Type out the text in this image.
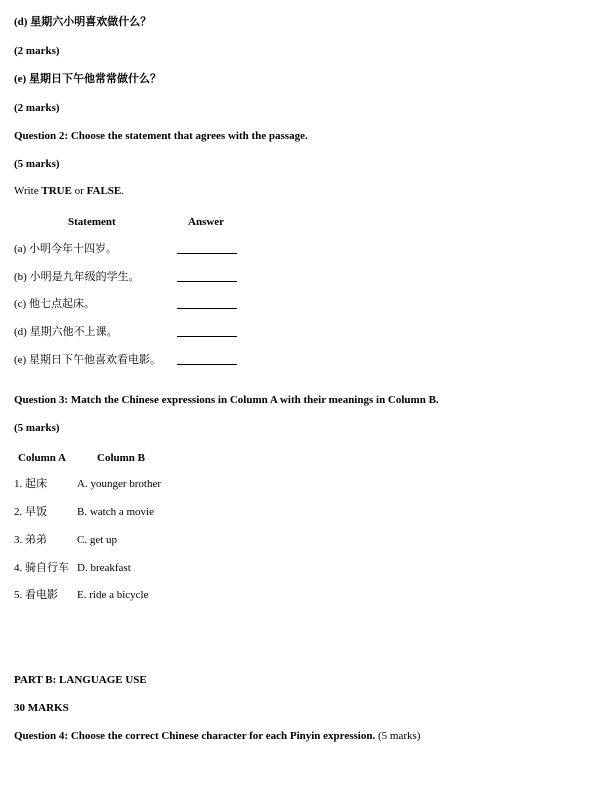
(d) 星期六小明喜欢做什么？
(2 marks)
(e) 星期日下午他常常做什么？
(2 marks)
Question 2: Choose the statement that agrees with the passage.
(5 marks)
Write TRUE or FALSE.
Statement	Answer
(a) 小明今年十四岁。
(b) 小明是九年级的学生。
(c) 他七点起床。
(d) 星期六他不上课。
(e) 星期日下午他喜欢看电影。
Question 3: Match the Chinese expressions in Column A with their meanings in Column B.
(5 marks)
Column A	Column B
1. 起床	A. younger brother
2. 早饭	B. watch a movie
3. 弟弟	C. get up
4. 骑自行车 D. breakfast
5. 看电影 E. ride a bicycle
PART B: LANGUAGE USE
30 MARKS
Question 4: Choose the correct Chinese character for each Pinyin expression. (5 marks)
